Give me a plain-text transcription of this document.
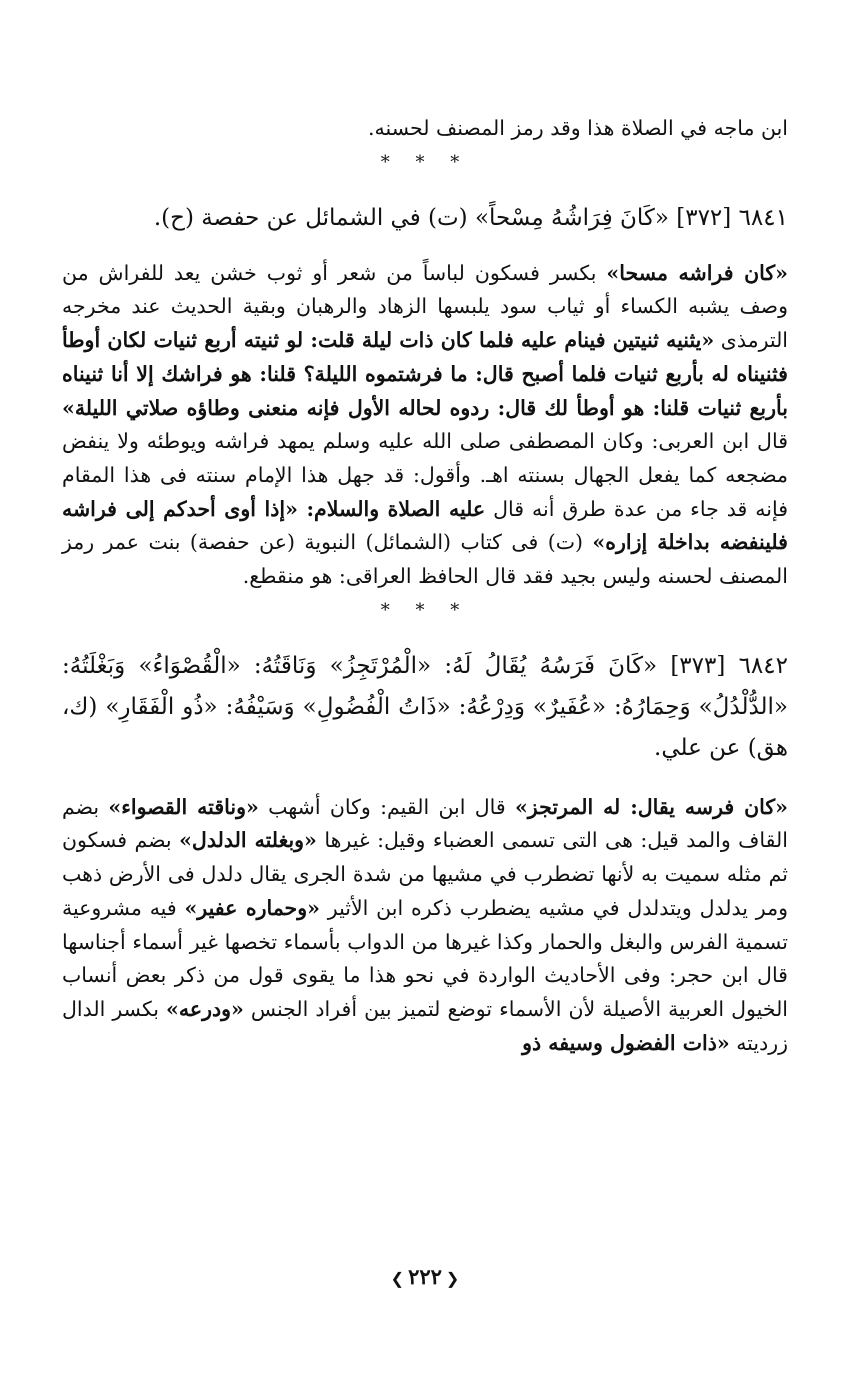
ابن ماجه في الصلاة هذا وقد رمز المصنف لحسنه.

* * *

٦٨٤١ [٣٧٢] «كَانَ فِرَاشُهُ مِسْحاً» (ت) في الشمائل عن حفصة (ح).

«كان فراشه مسحا» بكسر فسكون لباساً من شعر أو ثوب خشن يعد للفراش من وصف يشبه الكساء أو ثياب سود يلبسها الزهاد والرهبان وبقية الحديث عند مخرجه الترمذى «يثنيه ثنيتين فينام عليه فلما كان ذات ليلة قلت: لو ثنيته أربع ثنيات لكان أوطأ فثنيناه له بأربع ثنيات فلما أصبح قال: ما فرشتموه الليلة؟ قلنا: هو فراشك إلا أنا ثنيناه بأربع ثنيات قلنا: هو أوطأ لك قال: ردوه لحاله الأول فإنه منعنى وطاؤه صلاتي الليلة» قال ابن العربى: وكان المصطفى صلى الله عليه وسلم يمهد فراشه ويوطئه ولا ينفض مضجعه كما يفعل الجهال بسنته اهـ. وأقول: قد جهل هذا الإمام سنته فى هذا المقام فإنه قد جاء من عدة طرق أنه قال عليه الصلاة والسلام: «إذا أوى أحدكم إلى فراشه فلينفضه بداخلة إزاره» (ت) فى كتاب (الشمائل) النبوية (عن حفصة) بنت عمر رمز المصنف لحسنه وليس بجيد فقد قال الحافظ العراقى: هو منقطع.

* * *

٦٨٤٢ [٣٧٣] «كَانَ فَرَسُهُ يُقَالُ لَهُ: «الْمُرْتَجِزُ» وَنَاقَتُهُ: «الْقُصْوَاءُ» وَبَغْلَتُهُ: «الدُّلْدُلُ» وَحِمَارُهُ: «عُفَيرٌ» وَدِرْعُهُ: «ذَاتُ الْفُضُولِ» وَسَيْفُهُ: «ذُو الْفَقَارِ» (ك، هق) عن علي.

«كان فرسه يقال: له المرتجز» قال ابن القيم: وكان أشهب «وناقته القصواء» بضم القاف والمد قيل: هى التى تسمى العضباء وقيل: غيرها «وبغلته الدلدل» بضم فسكون ثم مثله سميت به لأنها تضطرب في مشيها من شدة الجرى يقال دلدل فى الأرض ذهب ومر يدلدل ويتدلدل في مشيه يضطرب ذكره ابن الأثير «وحماره عفير» فيه مشروعية تسمية الفرس والبغل والحمار وكذا غيرها من الدواب بأسماء تخصها غير أسماء أجناسها قال ابن حجر: وفى الأحاديث الواردة في نحو هذا ما يقوى قول من ذكر بعض أنساب الخيول العربية الأصيلة لأن الأسماء توضع لتميز بين أفراد الجنس «ودرعه» بكسر الدال زرديته «ذات الفضول وسيفه ذو

❮٢٢٢❯
